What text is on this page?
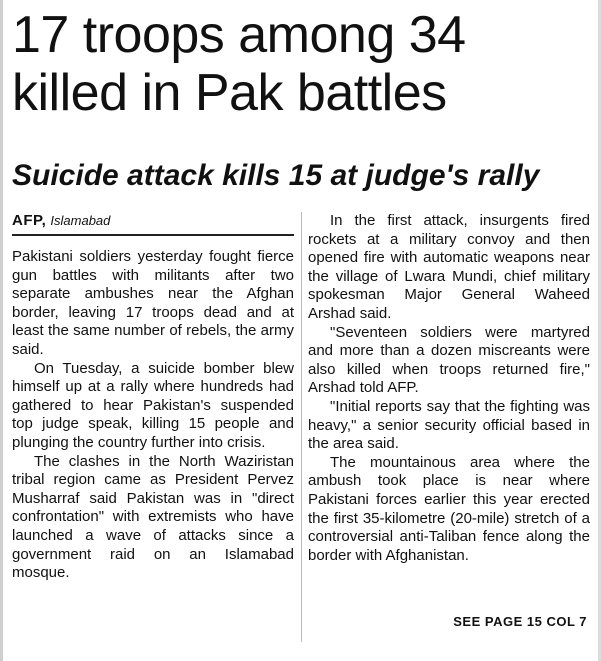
17 troops among 34
killed in Pak battles
Suicide attack kills 15 at judge's rally
AFP, Islamabad

Pakistani soldiers yesterday fought fierce gun battles with militants after two separate ambushes near the Afghan border, leaving 17 troops dead and at least the same number of rebels, the army said.

On Tuesday, a suicide bomber blew himself up at a rally where hundreds had gathered to hear Pakistan's suspended top judge speak, killing 15 people and plunging the country further into crisis.

The clashes in the North Waziristan tribal region came as President Pervez Musharraf said Pakistan was in "direct confrontation" with extremists who have launched a wave of attacks since a government raid on an Islamabad mosque.

In the first attack, insurgents fired rockets at a military convoy and then opened fire with automatic weapons near the village of Lwara Mundi, chief military spokesman Major General Waheed Arshad said.

"Seventeen soldiers were martyred and more than a dozen miscreants were also killed when troops returned fire," Arshad told AFP.

"Initial reports say that the fighting was heavy," a senior security official based in the area said.

The mountainous area where the ambush took place is near where Pakistani forces earlier this year erected the first 35-kilometre (20-mile) stretch of a controversial anti-Taliban fence along the border with Afghanistan.

SEE PAGE 15 COL 7
